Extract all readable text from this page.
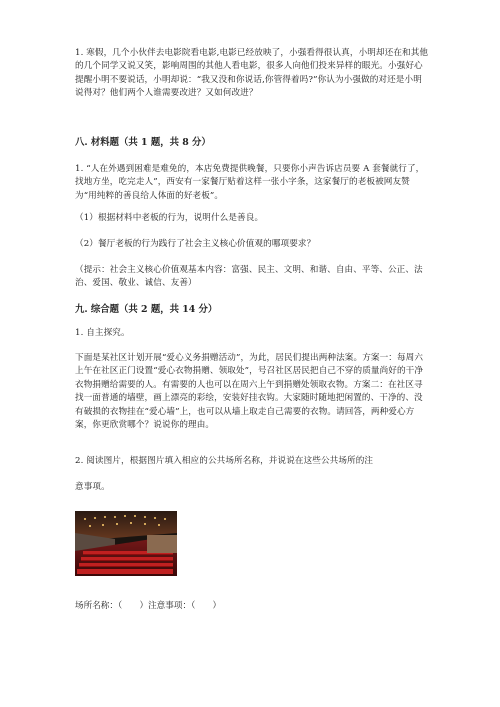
1. 寒假，几个小伙伴去电影院看电影,电影已经放映了，小强看得很认真，小明却还在和其他的几个同学又说又笑，影响周围的其他人看电影，很多人向他们投来异样的眼光。小强好心提醒小明不要说话，小明却说：“我又没和你说话,你管得着吗?”你认为小强做的对还是小明说得对？他们两个人谁需要改进？又如何改进？
八. 材料题（共 1 题，共 8 分）
1. “人在外遇到困难是难免的，本店免费提供晚餐，只要你小声告诉店员要 A 套餐就行了，找地方坐，吃完走人”，西安有一家餐厅贴着这样一张小字条，这家餐厅的老板被网友赞为“用纯粹的善良给人体面的好老板”。
（1）根据材料中老板的行为，说明什么是善良。
（2）餐厅老板的行为践行了社会主义核心价值观的哪项要求？
（提示：社会主义核心价值观基本内容：富强、民主、文明、和谐、自由、平等、公正、法治、爱国、敬业、诚信、友善）
九. 综合题（共 2 题，共 14 分）
1. 自主探究。
下面是某社区计划开展“爱心义务捐赠活动”，为此，居民们提出两种法案。方案一：每周六上午在社区正门设置“爱心衣物捐赠、领取处”，号召社区居民把自己不穿的质量尚好的干净衣物捐赠给需要的人。有需要的人也可以在周六上午到捐赠处领取衣物。方案二：在社区寻找一面普通的墙壁，画上漂亮的彩绘，安装好挂衣钩。大家随时随地把闲置的、干净的、没有破损的衣物挂在“爱心墙”上，也可以从墙上取走自己需要的衣物。请回答，两种爱心方案，你更欣赏哪个？说说你的理由。
2. 阅读图片，根据图片填入相应的公共场所名称，并说说在这些公共场所的注
意事项。
场所名称：（　　）注意事项：（　　）
